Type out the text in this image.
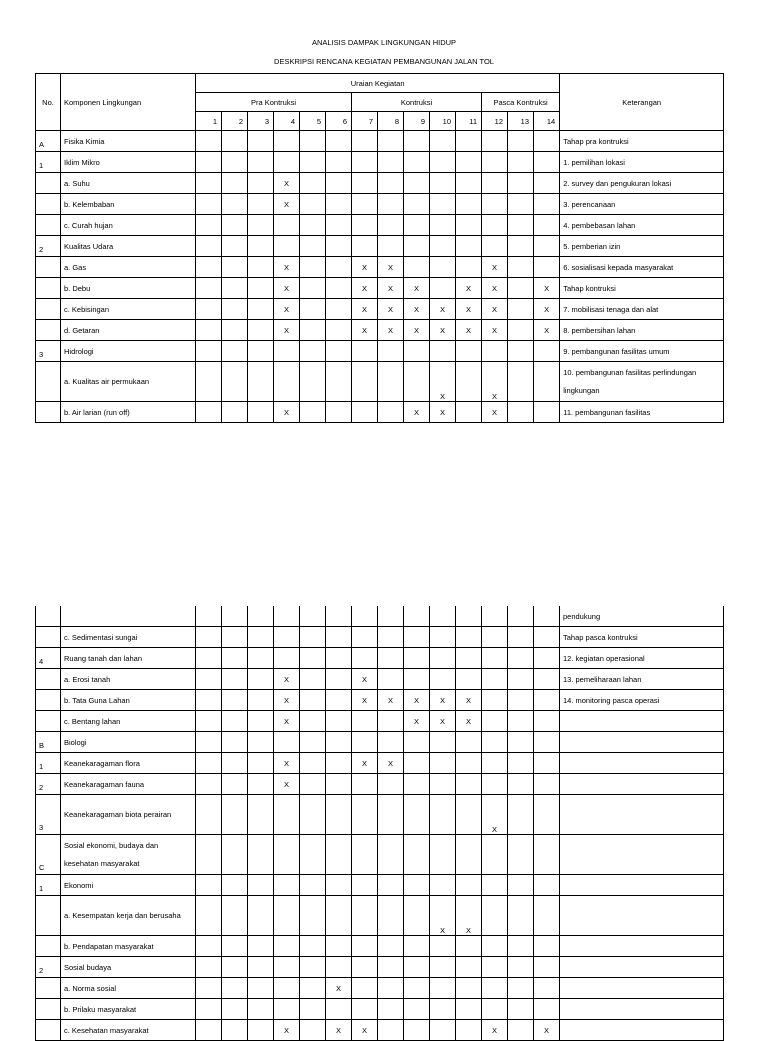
ANALISIS DAMPAK LINGKUNGAN HIDUP
DESKRIPSI RENCANA KEGIATAN PEMBANGUNAN JALAN TOL
No.	Komponen Lingkungan	Uraian Kegiatan														Keterangan
		Pra Kontruksi						Kontruksi					Pasca Kontruksi			
		1	2	3	4	5	6	7	8	9	10	11	12	13	14	
A	Fisika Kimia															Tahap pra kontruksi
1	Iklim Mikro															1. pemilihan lokasi
	a. Suhu				X											2. survey dan pengukuran lokasi
	b. Kelembaban				X											3. perencanaan
	c. Curah hujan															4. pembebasan lahan
2	Kualitas Udara															5. pemberian izin
	a. Gas				X			X	X				X			6. sosialisasi kepada masyarakat
	b. Debu				X			X	X	X		X	X		X	Tahap kontruksi
	c. Kebisingan				X			X	X	X	X	X	X		X	7. mobilisasi tenaga dan alat
	d. Getaran				X			X	X	X	X	X	X		X	8. pembersihan lahan
3	Hidrologi															9. pembangunan fasilitas umum
	a. Kualitas air permukaan										X		X			10. pembangunan fasilitas perlindungan lingkungan
	b. Air larian (run off)				X					X	X		X			11. pembangunan fasilitas
																pendukung
	c. Sedimentasi sungai															Tahap pasca kontruksi
4	Ruang tanah dan lahan															12. kegiatan operasional
	a. Erosi tanah				X			X								13. pemeliharaan lahan
	b. Tata Guna Lahan				X			X	X	X	X	X				14. monitoring pasca operasi
	c. Bentang lahan				X					X	X	X				
B	Biologi															
1	Keanekaragaman flora				X			X	X							
2	Keanekaragaman fauna				X											
3	Keanekaragaman biota perairan												X			
C	Sosial ekonomi, budaya dan kesehatan masyarakat															
1	Ekonomi															
	a. Kesempatan kerja dan berusaha										X	X				
	b. Pendapatan masyarakat															
2	Sosial budaya															
	a. Norma sosial						X									
	b. Prilaku masyarakat															
	c. Kesehatan masyarakat				X		X	X					X		X	
